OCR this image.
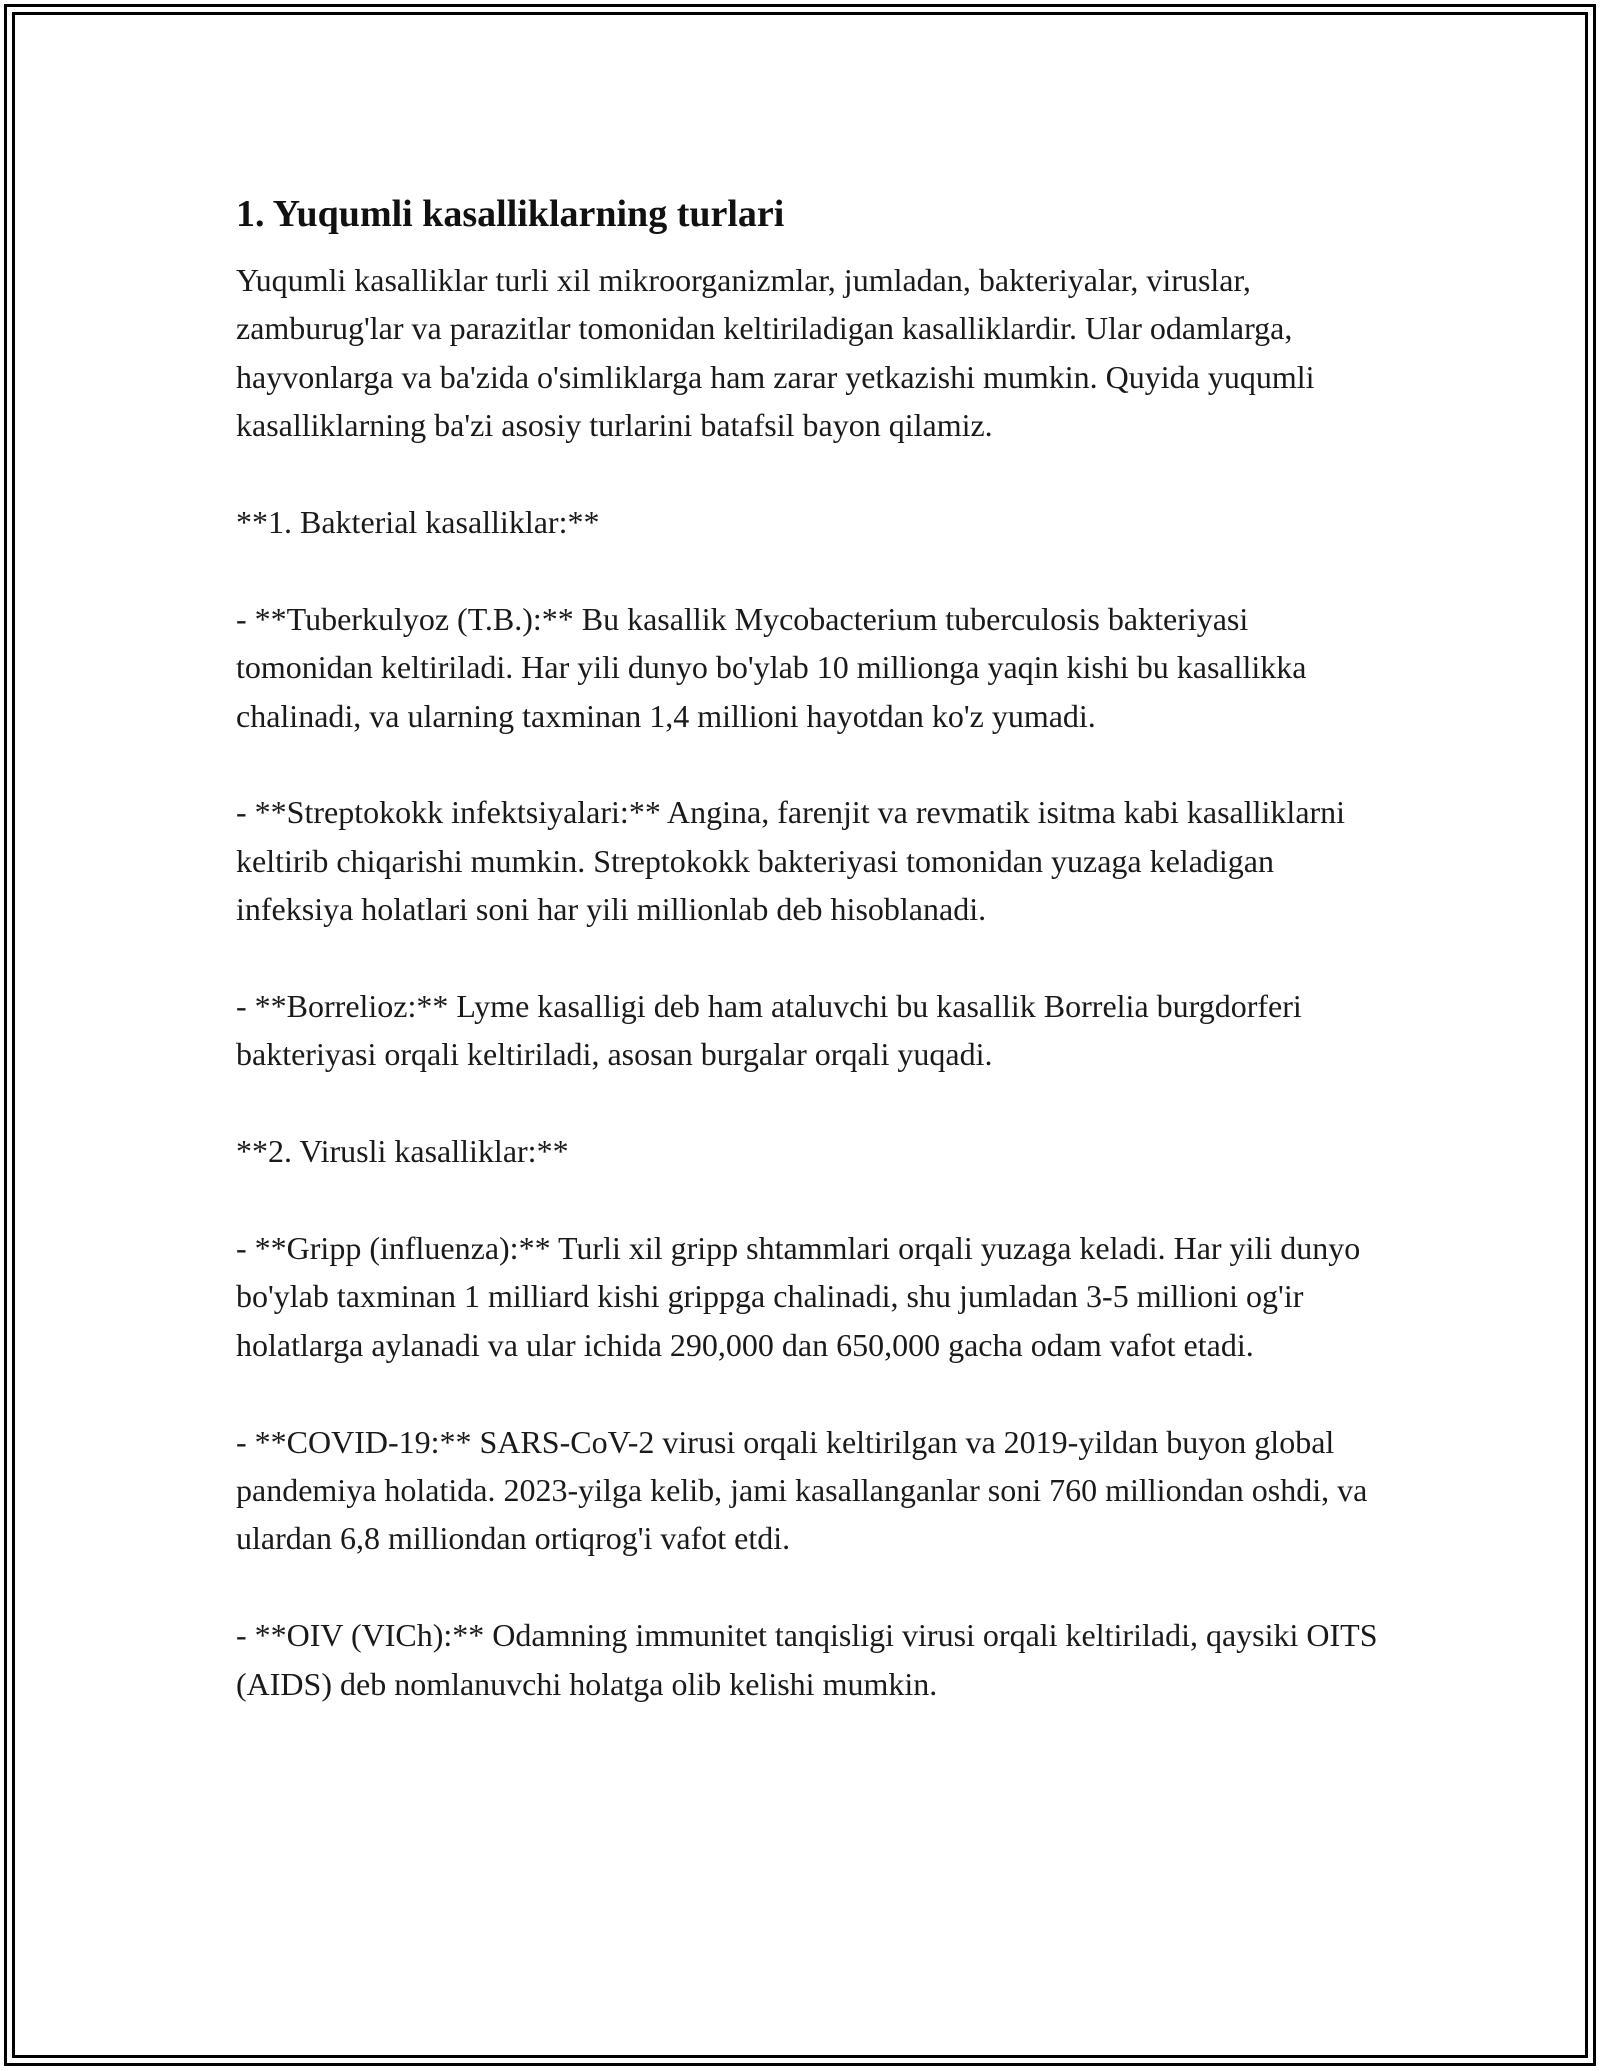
1. Yuqumli kasalliklarning turlari

Yuqumli kasalliklar turli xil mikroorganizmlar, jumladan, bakteriyalar, viruslar, zamburug'lar va parazitlar tomonidan keltiriladigan kasalliklardir. Ular odamlarga, hayvonlarga va ba'zida o'simliklarga ham zarar yetkazishi mumkin. Quyida yuqumli kasalliklarning ba'zi asosiy turlarini batafsil bayon qilamiz.

**1. Bakterial kasalliklar:**

- **Tuberkulyoz (T.B.):** Bu kasallik Mycobacterium tuberculosis bakteriyasi tomonidan keltiriladi. Har yili dunyo bo'ylab 10 millionga yaqin kishi bu kasallikka chalinadi, va ularning taxminan 1,4 millioni hayotdan ko'z yumadi.

- **Streptokokk infektsiyalari:** Angina, farenjit va revmatik isitma kabi kasalliklarni keltirib chiqarishi mumkin. Streptokokk bakteriyasi tomonidan yuzaga keladigan infeksiya holatlari soni har yili millionlab deb hisoblanadi.

- **Borrelioz:** Lyme kasalligi deb ham ataluvchi bu kasallik Borrelia burgdorferi bakteriyasi orqali keltiriladi, asosan burgalar orqali yuqadi.

**2. Virusli kasalliklar:**

- **Gripp (influenza):** Turli xil gripp shtammlari orqali yuzaga keladi. Har yili dunyo bo'ylab taxminan 1 milliard kishi grippga chalinadi, shu jumladan 3-5 millioni og'ir holatlarga aylanadi va ular ichida 290,000 dan 650,000 gacha odam vafot etadi.

- **COVID-19:** SARS-CoV-2 virusi orqali keltirilgan va 2019-yildan buyon global pandemiya holatida. 2023-yilga kelib, jami kasallanganlar soni 760 milliondan oshdi, va ulardan 6,8 milliondan ortiqrog'i vafot etdi.

- **OIV (VICh):** Odamning immunitet tanqisligi virusi orqali keltiriladi, qaysiki OITS (AIDS) deb nomlanuvchi holatga olib kelishi mumkin.
